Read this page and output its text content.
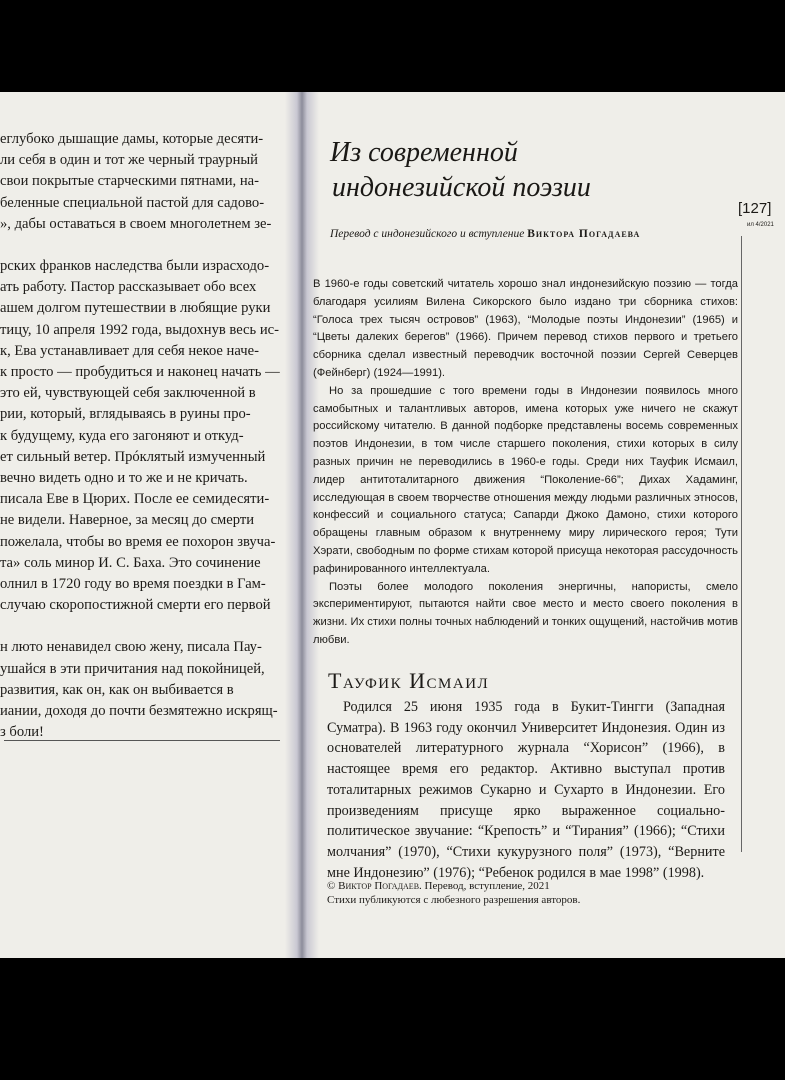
еглубоко дышащие дамы, которые десяти-
ли себя в один и тот же черный траурный
свои покрытые старческими пятнами, на-
беленные специальной пастой для садово-
», дабы оставаться в своем многолетнем зе-
рских франков наследства были израсходо-
ать работу. Пастор рассказывает обо всех
ашем долгом путешествии в любящие руки
тицу, 10 апреля 1992 года, выдохнув весь ис-
к, Ева устанавливает для себя некое наче-
к просто — пробудиться и наконец начать —
это ей, чувствующей себя заключенной в
рии, который, вглядываясь в руины про-
к будущему, куда его загоняют и откуд-
ет сильный ветер. Прóклятый измученный
вечно видеть одно и то же и не кричать.
писала Еве в Цюрих. После ее семидесяти-
не видели. Наверное, за месяц до смерти
пожелала, чтобы во время ее похорон звуча-
та» соль минор И. С. Баха. Это сочинение
олнил в 1720 году во время поездки в Гам-
случаю скоропостижной смерти его первой
н люто ненавидел свою жену, писала Пау-
ушайся в эти причитания над покойницей,
развития, как он, как он выбивается в
иании, доходя до почти безмятежно искрящ-
з боли!
Из современной
индонезийской поэзии
Перевод с индонезийского и вступление Виктора Погадаева
[127]
ил 4/2021

В 1960-е годы советский читатель хорошо знал индонезийскую поэзию — тогда благодаря усилиям Вилена Сикорского было издано три сборника стихов: “Голоса трех тысяч островов” (1963), “Молодые поэты Индонезии” (1965) и “Цветы далеких берегов” (1966). Причем перевод стихов первого и третьего сборника сделал известный переводчик восточной поэзии Сергей Северцев (Фейнберг) (1924—1991).

Но за прошедшие с того времени годы в Индонезии появилось много самобытных и талантливых авторов, имена которых уже ничего не скажут российскому читателю. В данной подборке представлены восемь современных поэтов Индонезии, в том числе старшего поколения, стихи которых в силу разных причин не переводились в 1960-е годы. Среди них Тауфик Исмаил, лидер антитоталитарного движения “Поколение-66”; Дихах Хадаминг, исследующая в своем творчестве отношения между людьми различных этносов, конфессий и социального статуса; Сапарди Джоко Дамоно, стихи которого обращены главным образом к внутреннему миру лирического героя; Тути Хэрати, свободным по форме стихам которой присуща некоторая рассудочность рафинированного интеллектуала.

Поэты более молодого поколения энергичны, напористы, смело экспериментируют, пытаются найти свое место и место своего поколения в жизни. Их стихи полны точных наблюдений и тонких ощущений, настойчив мотив любви.

Тауфик Исмаил

Родился 25 июня 1935 года в Букит-Тингги (Западная Суматра). В 1963 году окончил Университет Индонезия. Один из основателей литературного журнала “Хорисон” (1966), в настоящее время его редактор. Активно выступал против тоталитарных режимов Сукарно и Сухарто в Индонезии. Его произведениям присуще ярко выраженное социально-политическое звучание: “Крепость” и “Тирания” (1966); “Стихи молчания” (1970), “Стихи кукурузного поля” (1973), “Верните мне Индонезию” (1976); “Ребенок родился в мае 1998” (1998).

© Виктор Погадаев. Перевод, вступление, 2021
Стихи публикуются с любезного разрешения авторов.
